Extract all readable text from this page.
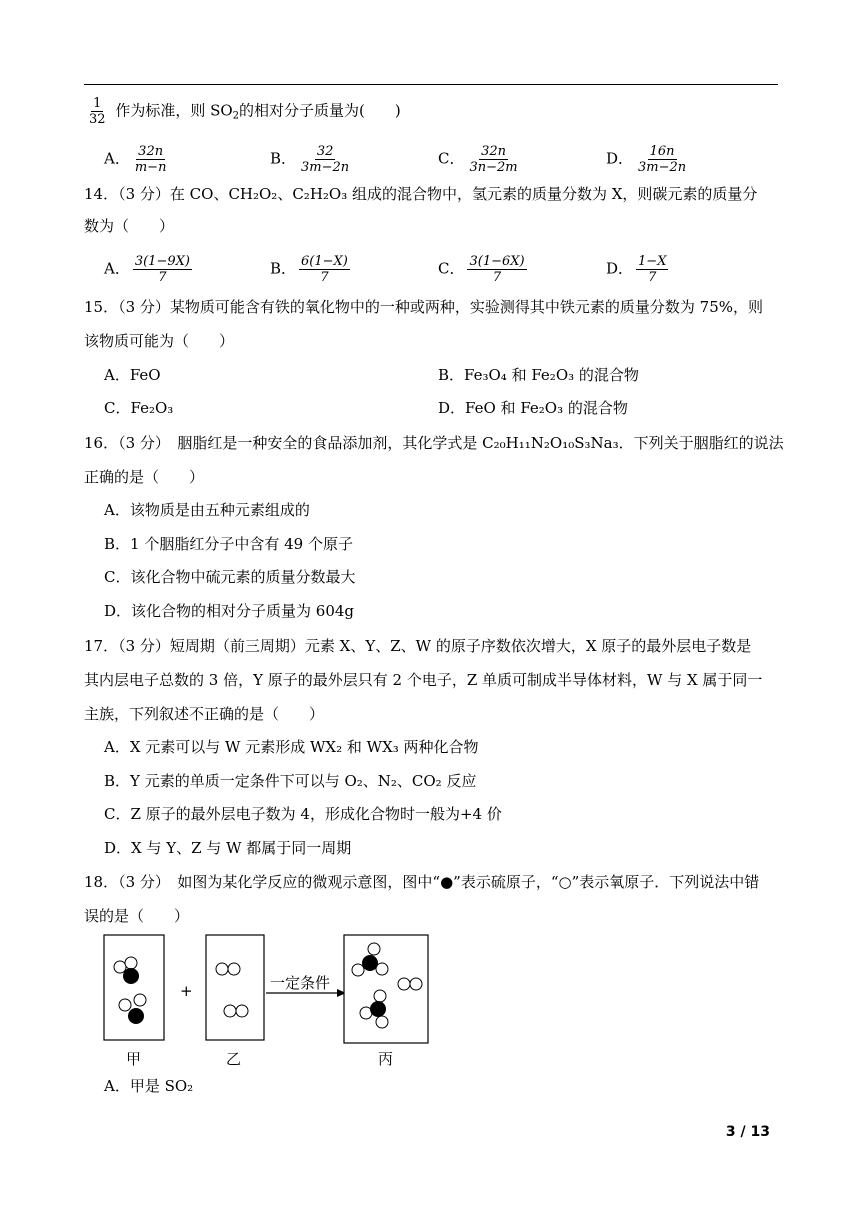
$\frac{1}{32}$ 作为标准，则 $SO_2$的相对分子质量为(　　)
A． $\frac{32n}{m-n}$	B． $\frac{32}{3m-2n}$	C． $\frac{32n}{3n-2m}$	D． $\frac{16n}{3m-2n}$
14．（3 分）在 CO、CH₂O₂、C₂H₂O₃ 组成的混合物中，氢元素的质量分数为 X，则碳元素的质量分
数为（　　）
A． $\frac{3(1-9X)}{7}$	B． $\frac{6(1-X)}{7}$	C． $\frac{3(1-6X)}{7}$	D． $\frac{1-X}{7}$
15．（3 分）某物质可能含有铁的氧化物中的一种或两种，实验测得其中铁元素的质量分数为 75%，则
该物质可能为（　　）
A．FeO	B．Fe₃O₄ 和 Fe₂O₃ 的混合物
C．Fe₂O₃	D．FeO 和 Fe₂O₃ 的混合物
16．（3 分）　胭脂红是一种安全的食品添加剂，其化学式是 C₂₀H₁₁N₂O₁₀S₃Na₃．下列关于胭脂红的说法
正确的是（　　）
A．该物质是由五种元素组成的
B．1 个胭脂红分子中含有 49 个原子
C．该化合物中硫元素的质量分数最大
D．该化合物的相对分子质量为 604g
17．（3 分）短周期（前三周期）元素 X、Y、Z、W 的原子序数依次增大，X 原子的最外层电子数是
其内层电子总数的 3 倍，Y 原子的最外层只有 2 个电子，Z 单质可制成半导体材料，W 与 X 属于同一
主族，下列叙述不正确的是（　　）
A．X 元素可以与 W 元素形成 WX₂ 和 WX₃ 两种化合物
B．Y 元素的单质一定条件下可以与 O₂、N₂、CO₂ 反应
C．Z 原子的最外层电子数为 4，形成化合物时一般为+4 价
D．X 与 Y、Z 与 W 都属于同一周期
18．（3 分）　如图为某化学反应的微观示意图，图中“●”表示硫原子，“○”表示氧原子．下列说法中错
误的是（　　）
+	一定条件
甲	乙	丙
A．甲是 SO₂
3 / 13
